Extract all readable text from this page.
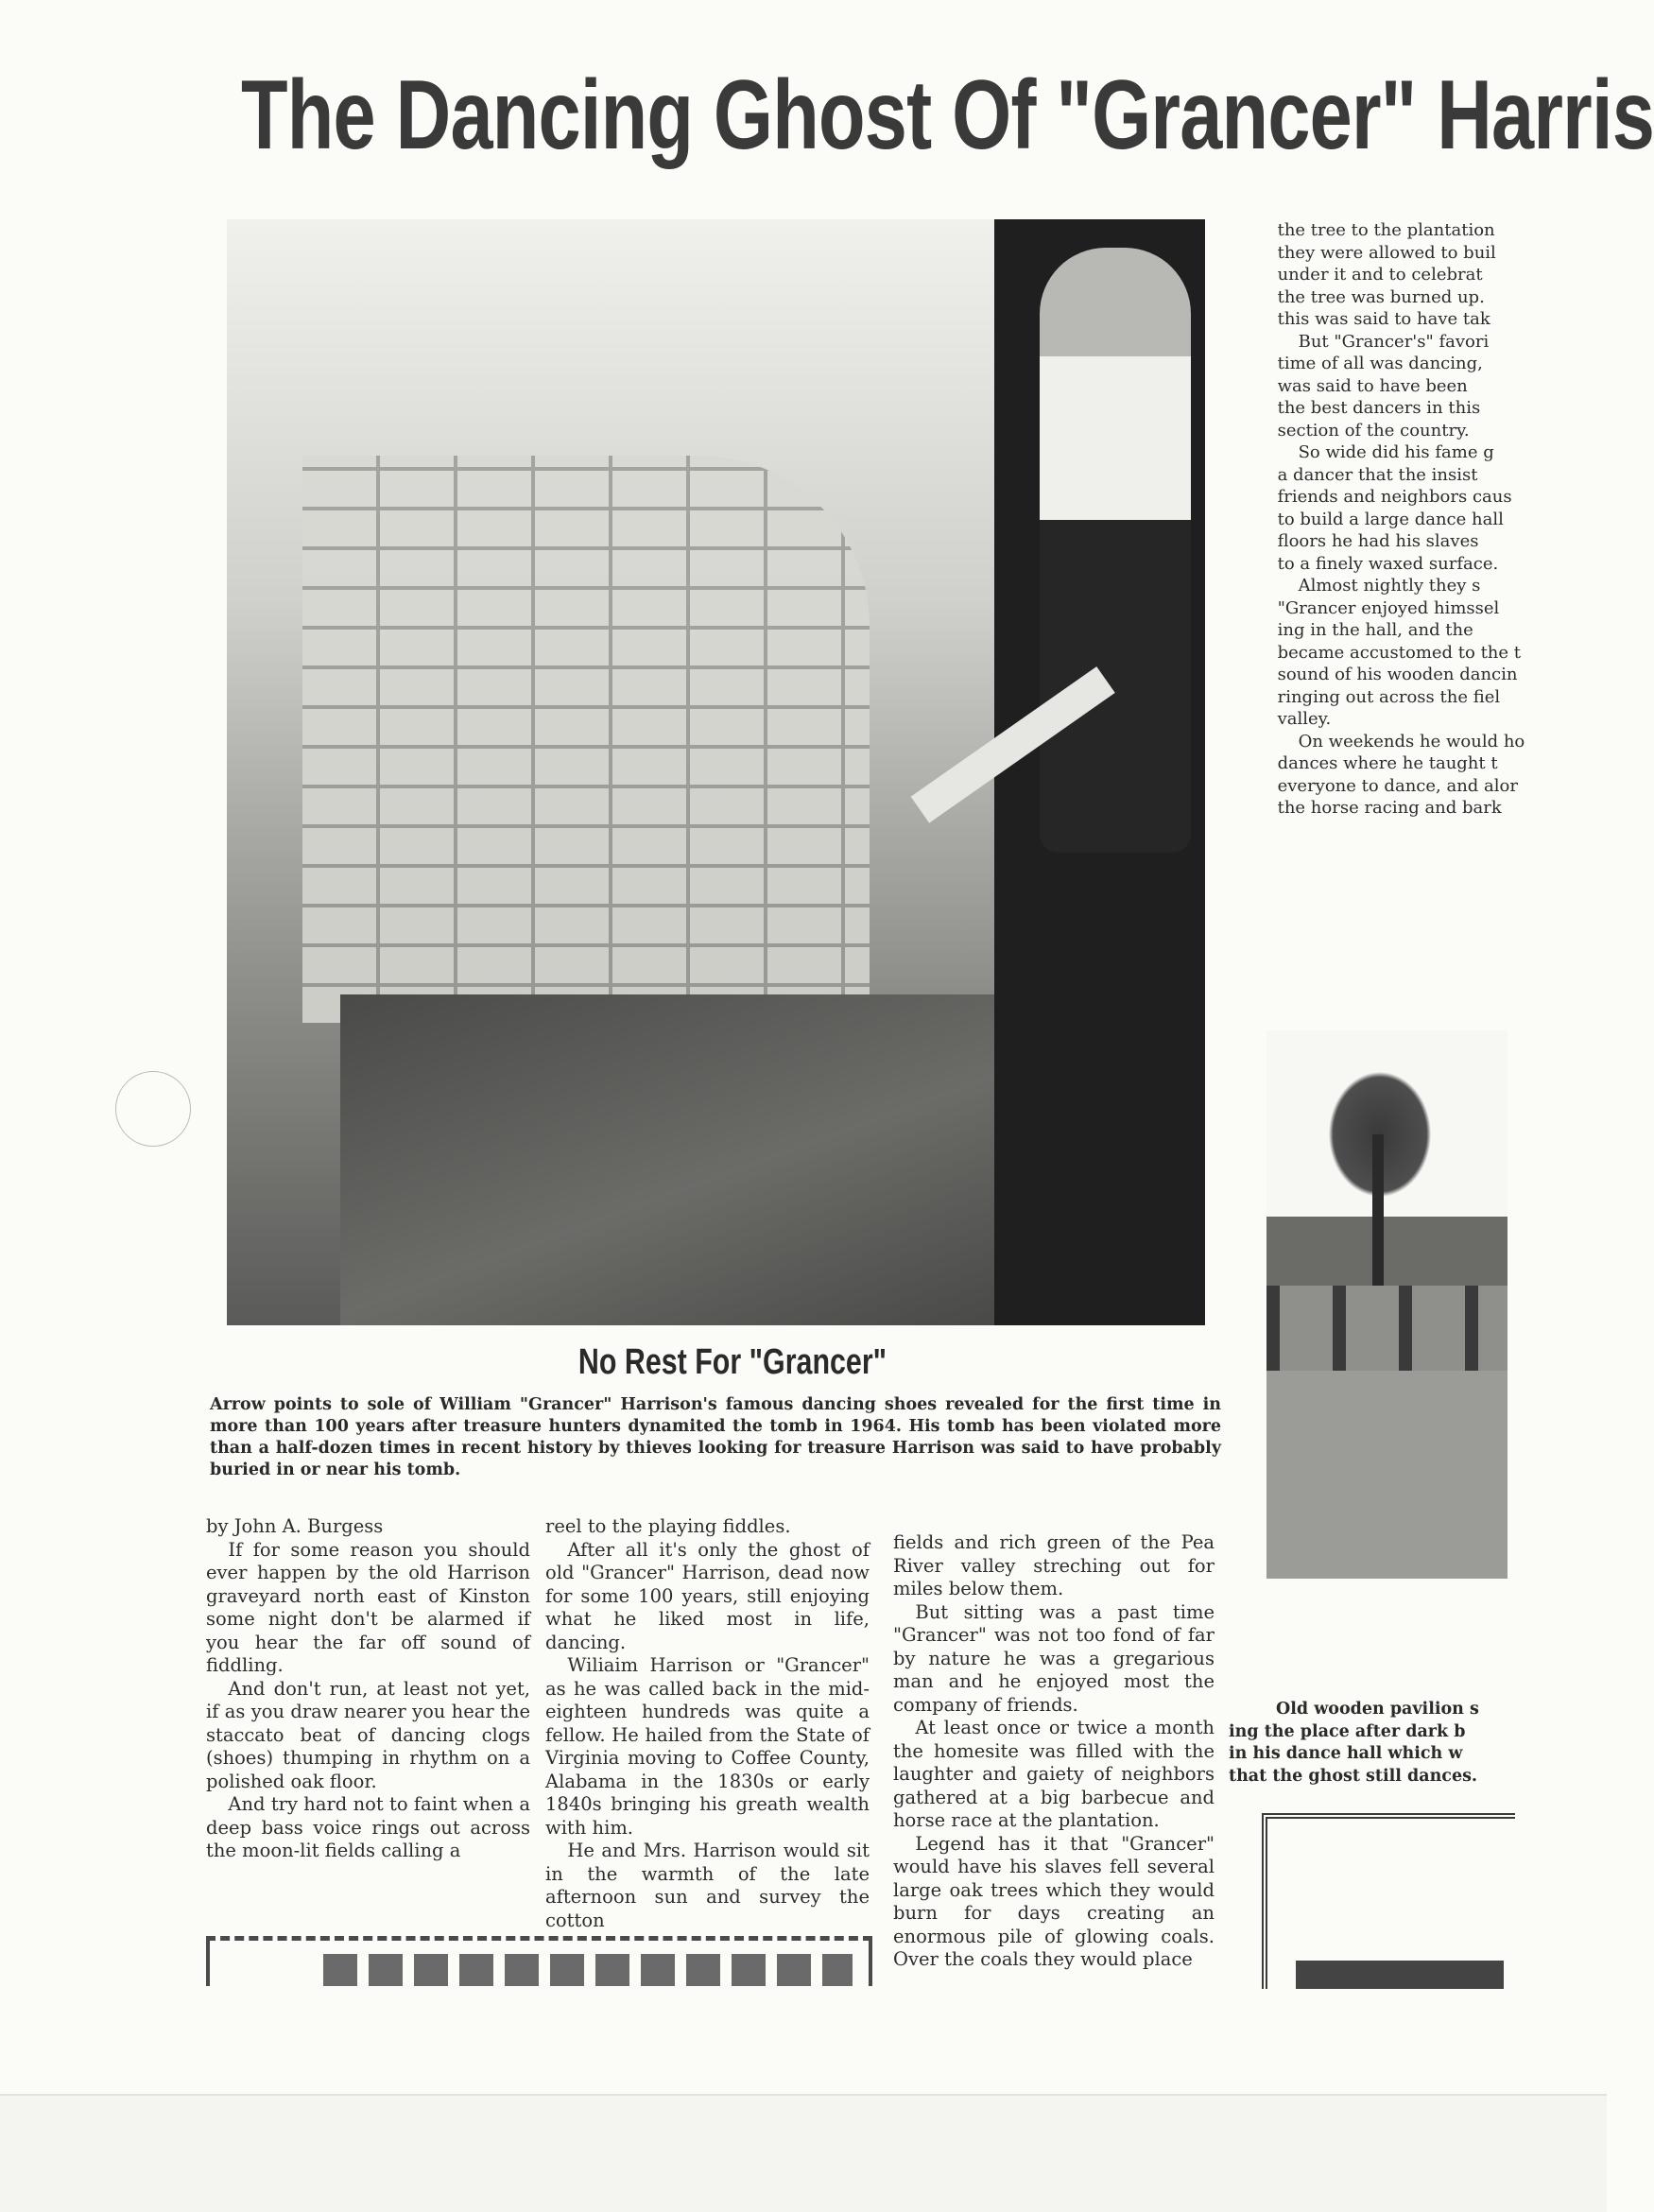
The Dancing Ghost Of "Grancer" Harris
No Rest For "Grancer"

Arrow points to sole of William "Grancer" Harrison's famous dancing shoes revealed for the first time in more than 100 years after treasure hunters dynamited the tomb in 1964. His tomb has been violated more than a half-dozen times in recent history by thieves looking for treasure Harrison was said to have probably buried in or near his tomb.

by John A. Burgess

If for some reason you should ever happen by the old Harrison graveyard north east of Kinston some night don't be alarmed if you hear the far off sound of fiddling.

And don't run, at least not yet, if as you draw nearer you hear the staccato beat of dancing clogs (shoes) thumping in rhythm on a polished oak floor.

And try hard not to faint when a deep bass voice rings out across the moon-lit fields calling a

reel to the playing fiddles.

After all it's only the ghost of old "Grancer" Harrison, dead now for some 100 years, still enjoying what he liked most in life, dancing.

Wiliaim Harrison or "Grancer" as he was called back in the mid-eighteen hundreds was quite a fellow. He hailed from the State of Virginia moving to Coffee County, Alabama in the 1830s or early 1840s bringing his greath wealth with him.

He and Mrs. Harrison would sit in the warmth of the late afternoon sun and survey the cotton

fields and rich green of the Pea River valley streching out for miles below them.

But sitting was a past time "Grancer" was not too fond of far by nature he was a gregarious man and he enjoyed most the company of friends.

At least once or twice a month the homesite was filled with the laughter and gaiety of neighbors gathered at a big barbecue and horse race at the plantation.

Legend has it that "Grancer" would have his slaves fell several large oak trees which they would burn for days creating an enormous pile of glowing coals. Over the coals they would place

the tree to the plantation

they were allowed to buil

under it and to celebrat

the tree was burned up.

this was said to have tak

But "Grancer's" favori

time of all was dancing,

was said to have been

the best dancers in this

section of the country.

So wide did his fame g

a dancer that the insist

friends and neighbors caus

to build a large dance hall

floors he had his slaves

to a finely waxed surface.

Almost nightly they s

"Grancer enjoyed himssel

ing in the hall, and the

became accustomed to the t

sound of his wooden dancin

ringing out across the fiel

valley.

On weekends he would ho

dances where he taught t

everyone to dance, and alor

the horse racing and bark

Old wooden pavilion s

ing the place after dark b

in his dance hall which w

that the ghost still dances.
